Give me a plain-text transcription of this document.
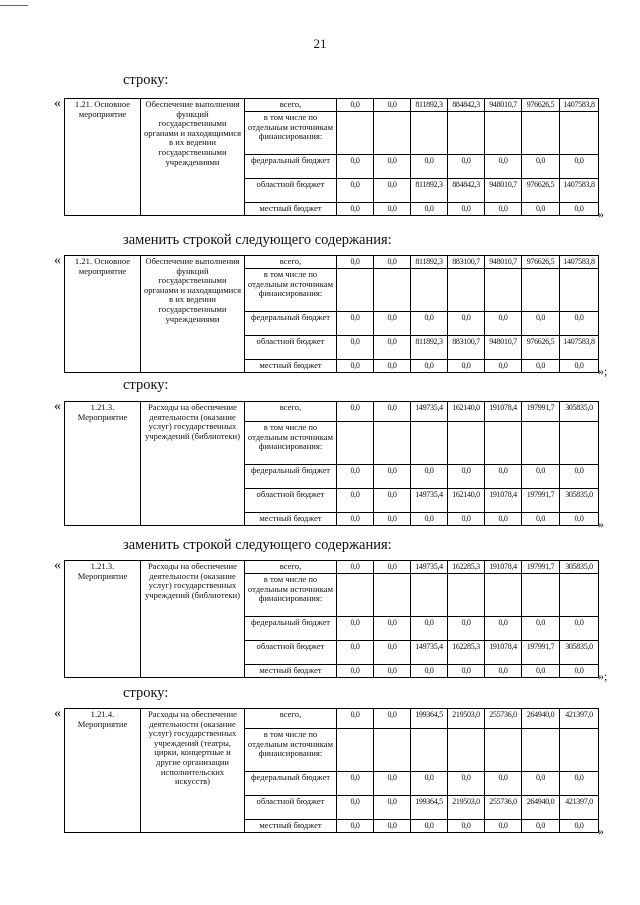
21
строку:
« 1.21. Основное мероприятие	Обеспечение выполнения функций государственными органами и находящимися в их ведении государственными учреждениями	всего,	0,0	0,0	811892,3	884842,3	948010,7	976626,5	1407583,8
		в том числе по отдельным источникам финансирования:							
		федеральный бюджет	0,0	0,0	0,0	0,0	0,0	0,0	0,0
		областной бюджет	0,0	0,0	811892,3	884842,3	948010,7	976626,5	1407583,8
		местный бюджет	0,0	0,0	0,0	0,0	0,0	0,0	0,0 »
заменить строкой следующего содержания:
« 1.21. Основное мероприятие	Обеспечение выполнения функций государственными органами и находящимися в их ведении государственными учреждениями	всего,	0,0	0,0	811892,3	883100,7	948010,7	976626,5	1407583,8
		в том числе по отдельным источникам финансирования:							
		федеральный бюджет	0,0	0,0	0,0	0,0	0,0	0,0	0,0
		областной бюджет	0,0	0,0	811892,3	883100,7	948010,7	976626,5	1407583,8
		местный бюджет	0,0	0,0	0,0	0,0	0,0	0,0	0,0 »;
строку:
«	1.21.3. Мероприятие	Расходы на обеспечение деятельности (оказание услуг) государственных учреждений (библиотеки)	всего,	0,0	0,0	149735,4	162140,0	191078,4	197991,7	305835,0
		в том числе по отдельным источникам финансирования:							
		федеральный бюджет	0,0	0,0	0,0	0,0	0,0	0,0	0,0
		областной бюджет	0,0	0,0	149735,4	162140,0	191078,4	197991,7	305835,0
		местный бюджет	0,0	0,0	0,0	0,0	0,0	0,0	0,0 »
заменить строкой следующего содержания:
«	1.21.3. Мероприятие	Расходы на обеспечение деятельности (оказание услуг) государственных учреждений (библиотеки)	всего,	0,0	0,0	149735,4	162285,3	191078,4	197991,7	305835,0
		в том числе по отдельным источникам финансирования:							
		федеральный бюджет	0,0	0,0	0,0	0,0	0,0	0,0	0,0
		областной бюджет	0,0	0,0	149735,4	162285,3	191078,4	197991,7	305835,0
		местный бюджет	0,0	0,0	0,0	0,0	0,0	0,0	0,0 »;
строку:
«	1.21.4. Мероприятие	Расходы на обеспечение деятельности (оказание услуг) государственных учреждений (театры, цирки, концертные и другие организации исполнительских искусств)	всего,	0,0	0,0	199364,5	219503,0	255736,0	264940,0	421397,0
		в том числе по отдельным источникам финансирования:							
		федеральный бюджет	0,0	0,0	0,0	0,0	0,0	0,0	0,0
		областной бюджет	0,0	0,0	199364,5	219503,0	255736,0	264940,0	421397,0
		местный бюджет	0,0	0,0	0,0	0,0	0,0	0,0	0,0 »
